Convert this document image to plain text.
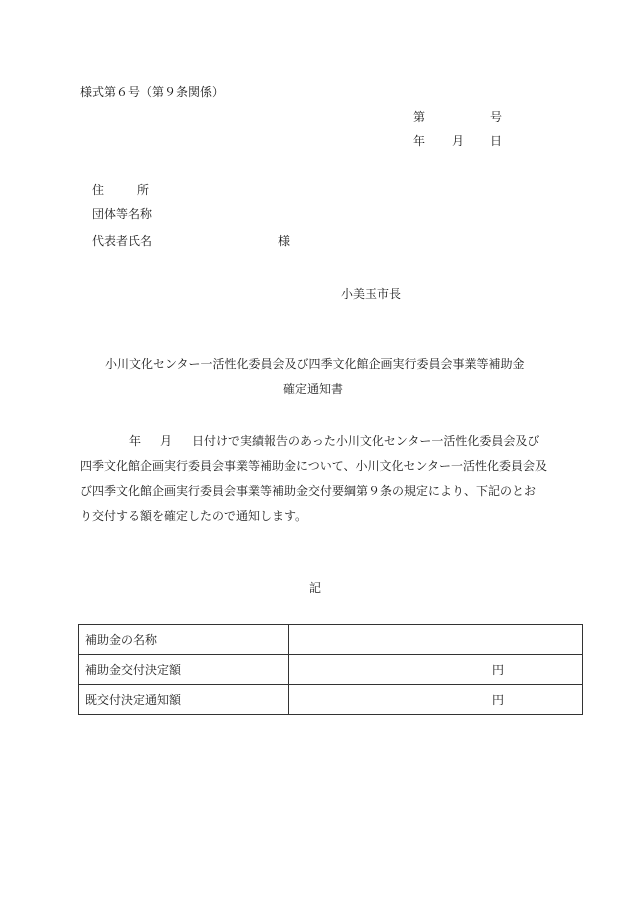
様式第６号（第９条関係）
第	号
年 月 日
住	所
団体等名称
代表者氏名	様
小美玉市長
小川文化センター一活性化委員会及び四季文化館企画実行委員会事業等補助金
確定通知書
年 月 日付けで実績報告のあった小川文化センター一活性化委員会及び
四季文化館企画実行委員会事業等補助金について、小川文化センター一活性化委員会及
び四季文化館企画実行委員会事業等補助金交付要綱第９条の規定により、下記のとお
り交付する額を確定したので通知します。
記
補助金の名称	
補助金交付決定額	円
既交付決定通知額	円
